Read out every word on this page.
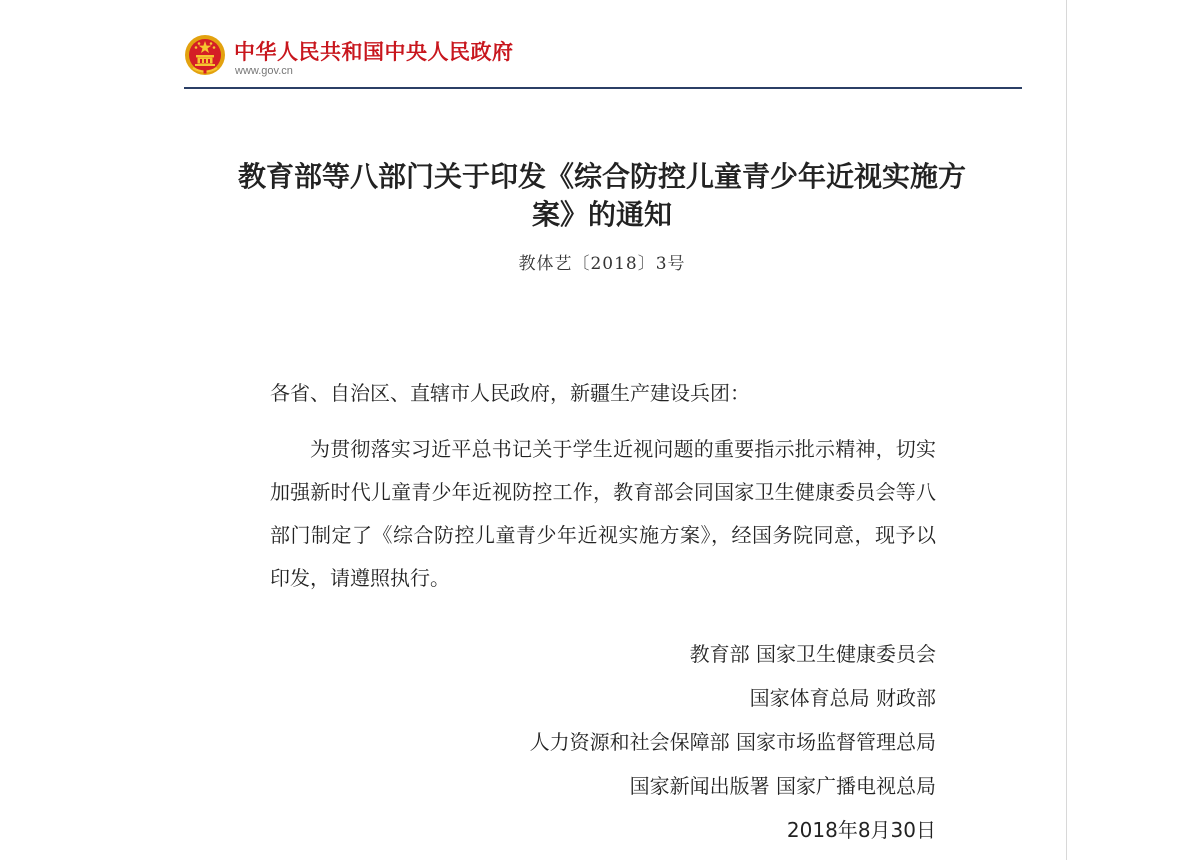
中华人民共和国中央人民政府
www.gov.cn
教育部等八部门关于印发《综合防控儿童青少年近视实施方案》的通知
教体艺〔2018〕3号

各省、自治区、直辖市人民政府，新疆生产建设兵团：

为贯彻落实习近平总书记关于学生近视问题的重要指示批示精神，切实加强新时代儿童青少年近视防控工作，教育部会同国家卫生健康委员会等八部门制定了《综合防控儿童青少年近视实施方案》，经国务院同意，现予以印发，请遵照执行。

教育部 国家卫生健康委员会
国家体育总局 财政部
人力资源和社会保障部 国家市场监督管理总局
国家新闻出版署 国家广播电视总局
2018年8月30日
